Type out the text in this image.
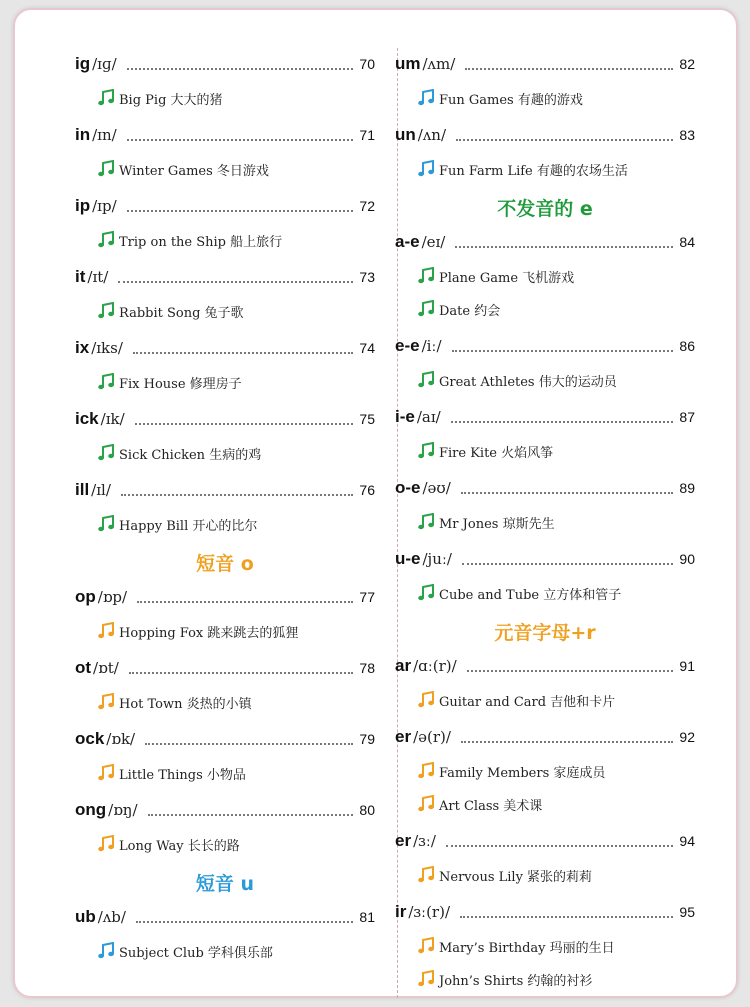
ig /ɪɡ/	70
Big Pig 大大的猪
in /ɪn/	71
Winter Games 冬日游戏
ip /ɪp/	72
Trip on the Ship 船上旅行
it /ɪt/	73
Rabbit Song 兔子歌
ix /ɪks/	74
Fix House 修理房子
ick /ɪk/	75
Sick Chicken 生病的鸡
ill /ɪl/	76
Happy Bill 开心的比尔
短音 o
op /ɒp/	77
Hopping Fox 跳来跳去的狐狸
ot /ɒt/	78
Hot Town 炎热的小镇
ock /ɒk/	79
Little Things 小物品
ong /ɒŋ/	80
Long Way 长长的路
短音 u
ub /ʌb/	81
Subject Club 学科俱乐部
um /ʌm/	82
Fun Games 有趣的游戏
un /ʌn/	83
Fun Farm Life 有趣的农场生活
不发音的 e
a-e /eɪ/	84
Plane Game 飞机游戏
Date 约会
e-e /iː/	86
Great Athletes 伟大的运动员
i-e /aɪ/	87
Fire Kite 火焰风筝
o-e /əʊ/	89
Mr Jones 琼斯先生
u-e /juː/	90
Cube and Tube 立方体和管子
元音字母+r
ar /ɑː(r)/	91
Guitar and Card 吉他和卡片
er /ə(r)/	92
Family Members 家庭成员
Art Class 美术课
er /ɜː/	94
Nervous Lily 紧张的莉莉
ir /ɜː(r)/	95
Mary’s Birthday 玛丽的生日
John’s Shirts 约翰的衬衫
